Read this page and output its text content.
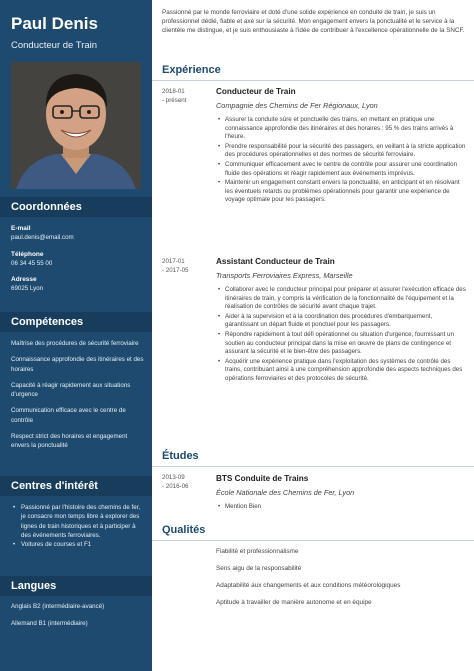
Paul Denis
Conducteur de Train
Coordonnées
E-mail
paul.denis@email.com
Téléphone
06 34 45 55 00
Adresse
69025 Lyon
Compétences
Maîtrise des procédures de sécurité ferroviaire
Connaissance approfondie des itinéraires et des horaires
Capacité à réagir rapidement aux situations d'urgence
Communication efficace avec le centre de contrôle
Respect strict des horaires et engagement envers la ponctualité
Centres d'intérêt
• Passionné par l'histoire des chemins de fer, je consacre mon temps libre à explorer des lignes de train historiques et à participer à des événements ferroviaires.
• Voitures de courses et F1
Langues
Anglais B2 (intermédiaire-avancé)
Allemand B1 (intermédiaire)
Passionné par le monde ferroviaire et doté d'une solide expérience en conduite de train, je suis un professionnel dédié, fiable et axé sur la sécurité. Mon engagement envers la ponctualité et le service à la clientèle me distingue, et je suis enthousiaste à l'idée de contribuer à l'excellence opérationnelle de la SNCF.
Expérience
2018-01
- présent
Conducteur de Train
Compagnie des Chemins de Fer Régionaux, Lyon
• Assurer la conduite sûre et ponctuelle des trains, en mettant en pratique une connaissance approfondie des itinéraires et des horaires : 95 % des trains arrivés à l'heure.
• Prendre responsabilité pour la sécurité des passagers, en veillant à la stricte application des procédures opérationnelles et des normes de sécurité ferroviaire.
• Communiquer efficacement avec le centre de contrôle pour assurer une coordination fluide des opérations et réagir rapidement aux événements imprévus.
• Maintenir un engagement constant envers la ponctualité, en anticipant et en résolvant les éventuels retards ou problèmes opérationnels pour garantir une expérience de voyage optimale pour les passagers.
2017-01
- 2017-05
Assistant Conducteur de Train
Transports Ferroviaires Express, Marseille
• Collaborer avec le conducteur principal pour préparer et assurer l'exécution efficace des itinéraires de train, y compris la vérification de la fonctionnalité de l'équipement et la réalisation de contrôles de sécurité avant chaque trajet.
• Aider à la supervision et à la coordination des procédures d'embarquement, garantissant un départ fluide et ponctuel pour les passagers.
• Répondre rapidement à tout défi opérationnel ou situation d'urgence, fournissant un soutien au conducteur principal dans la mise en œuvre de plans de contingence et assurant la sécurité et le bien-être des passagers.
• Acquérir une expérience pratique dans l'exploitation des systèmes de contrôle des trains, contribuant ainsi à une compréhension approfondie des aspects techniques des opérations ferroviaires et des protocoles de sécurité.
Études
2013-09
- 2016-06
BTS Conduite de Trains
École Nationale des Chemins de Fer, Lyon
• Mention Bien
Qualités
Fiabilité et professionnalisme
Sens aigu de la responsabilité
Adaptabilité aux changements et aux conditions météorologiques
Aptitude à travailler de manière autonome et en équipe
